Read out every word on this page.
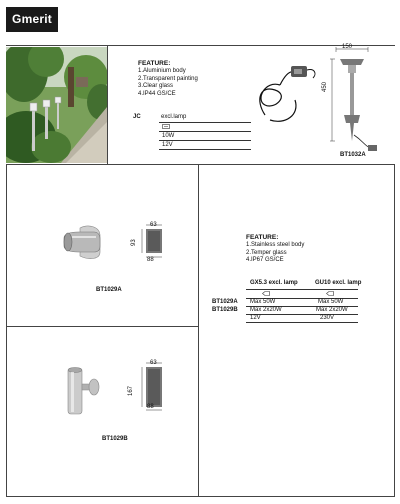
Gmerit
FEATURE:
1.Aluminium body
2.Transparent painting
3.Clear glass
4.IP44 GS/CE
150
450
JC	excl.lamp
10W
12V
BT1032A
63
93
88
BT1029A
FEATURE:
1.Stainless steel body
2.Temper glass
4.IP67 GS/CE
GX5.3 excl. lamp	GU10 excl. lamp
BT1029A Max 50W	Max 50W
BT1029B Max 2x20W	Max 2x20W
12V	230V
63
167
88
BT1029B
